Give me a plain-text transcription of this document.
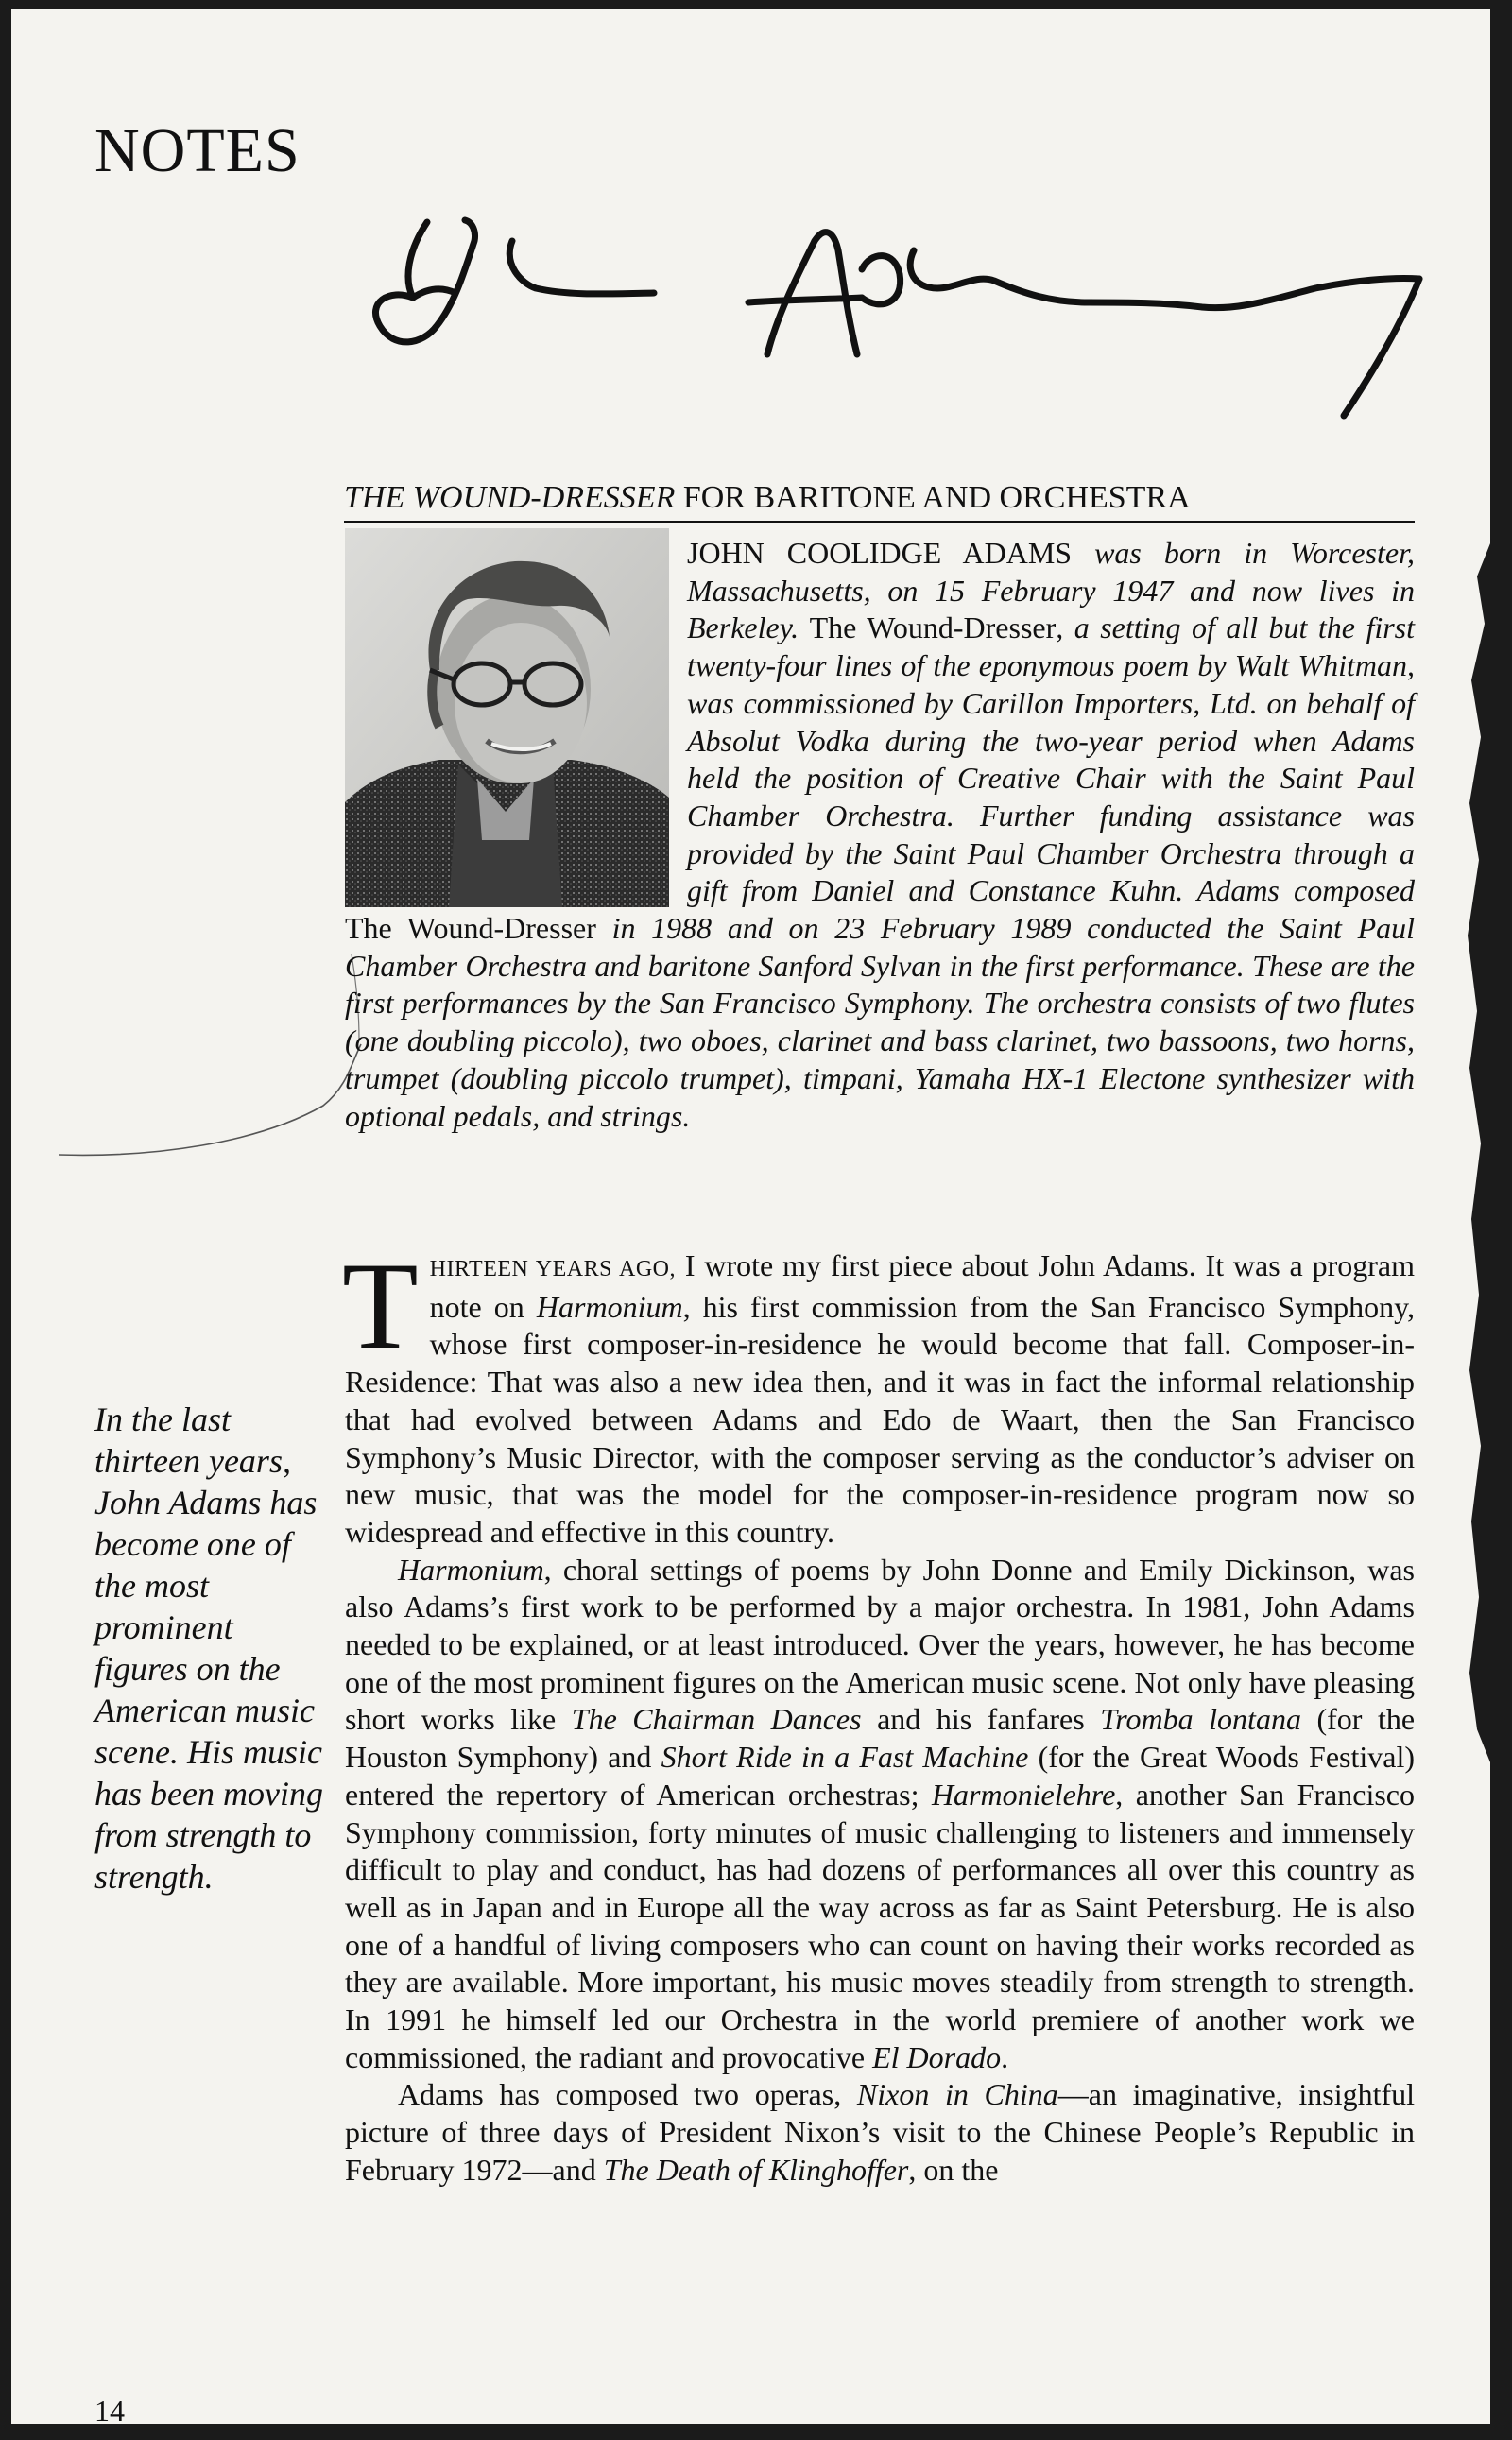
NOTES
THE WOUND-DRESSER FOR BARITONE AND ORCHESTRA

JOHN COOLIDGE ADAMS was born in Worcester, Massachusetts, on 15 February 1947 and now lives in Berkeley. The Wound-Dresser, a setting of all but the first twenty-four lines of the eponymous poem by Walt Whitman, was commissioned by Carillon Importers, Ltd. on behalf of Absolut Vodka during the two-year period when Adams held the position of Creative Chair with the Saint Paul Chamber Orchestra. Further funding assistance was provided by the Saint Paul Chamber Orchestra through a gift from Daniel and Constance Kuhn. Adams composed The Wound-Dresser in 1988 and on 23 February 1989 conducted the Saint Paul Chamber Orchestra and baritone Sanford Sylvan in the first performance. These are the first performances by the San Francisco Symphony. The orchestra consists of two flutes (one doubling piccolo), two oboes, clarinet and bass clarinet, two bassoons, two horns, trumpet (doubling piccolo trumpet), timpani, Yamaha HX-1 Electone synthesizer with optional pedals, and strings.

In the last thirteen years, John Adams has become one of the most prominent figures on the American music scene. His music has been moving from strength to strength.

THIRTEEN YEARS AGO, I wrote my first piece about John Adams. It was a program note on Harmonium, his first commission from the San Francisco Symphony, whose first composer-in-residence he would become that fall. Composer-in-Residence: That was also a new idea then, and it was in fact the informal relationship that had evolved between Adams and Edo de Waart, then the San Francisco Symphony’s Music Director, with the composer serving as the conductor’s adviser on new music, that was the model for the composer-in-residence program now so widespread and effective in this country.

Harmonium, choral settings of poems by John Donne and Emily Dickinson, was also Adams’s first work to be performed by a major orchestra. In 1981, John Adams needed to be explained, or at least introduced. Over the years, however, he has become one of the most prominent figures on the American music scene. Not only have pleasing short works like The Chairman Dances and his fanfares Tromba lontana (for the Houston Symphony) and Short Ride in a Fast Machine (for the Great Woods Festival) entered the repertory of American orchestras; Harmonielehre, another San Francisco Symphony commission, forty minutes of music challenging to listeners and immensely difficult to play and conduct, has had dozens of performances all over this country as well as in Japan and in Europe all the way across as far as Saint Petersburg. He is also one of a handful of living composers who can count on having their works recorded as they are available. More important, his music moves steadily from strength to strength. In 1991 he himself led our Orchestra in the world premiere of another work we commissioned, the radiant and provocative El Dorado.

Adams has composed two operas, Nixon in China—an imaginative, insightful picture of three days of President Nixon’s visit to the Chinese People’s Republic in February 1972—and The Death of Klinghoffer, on the

14
